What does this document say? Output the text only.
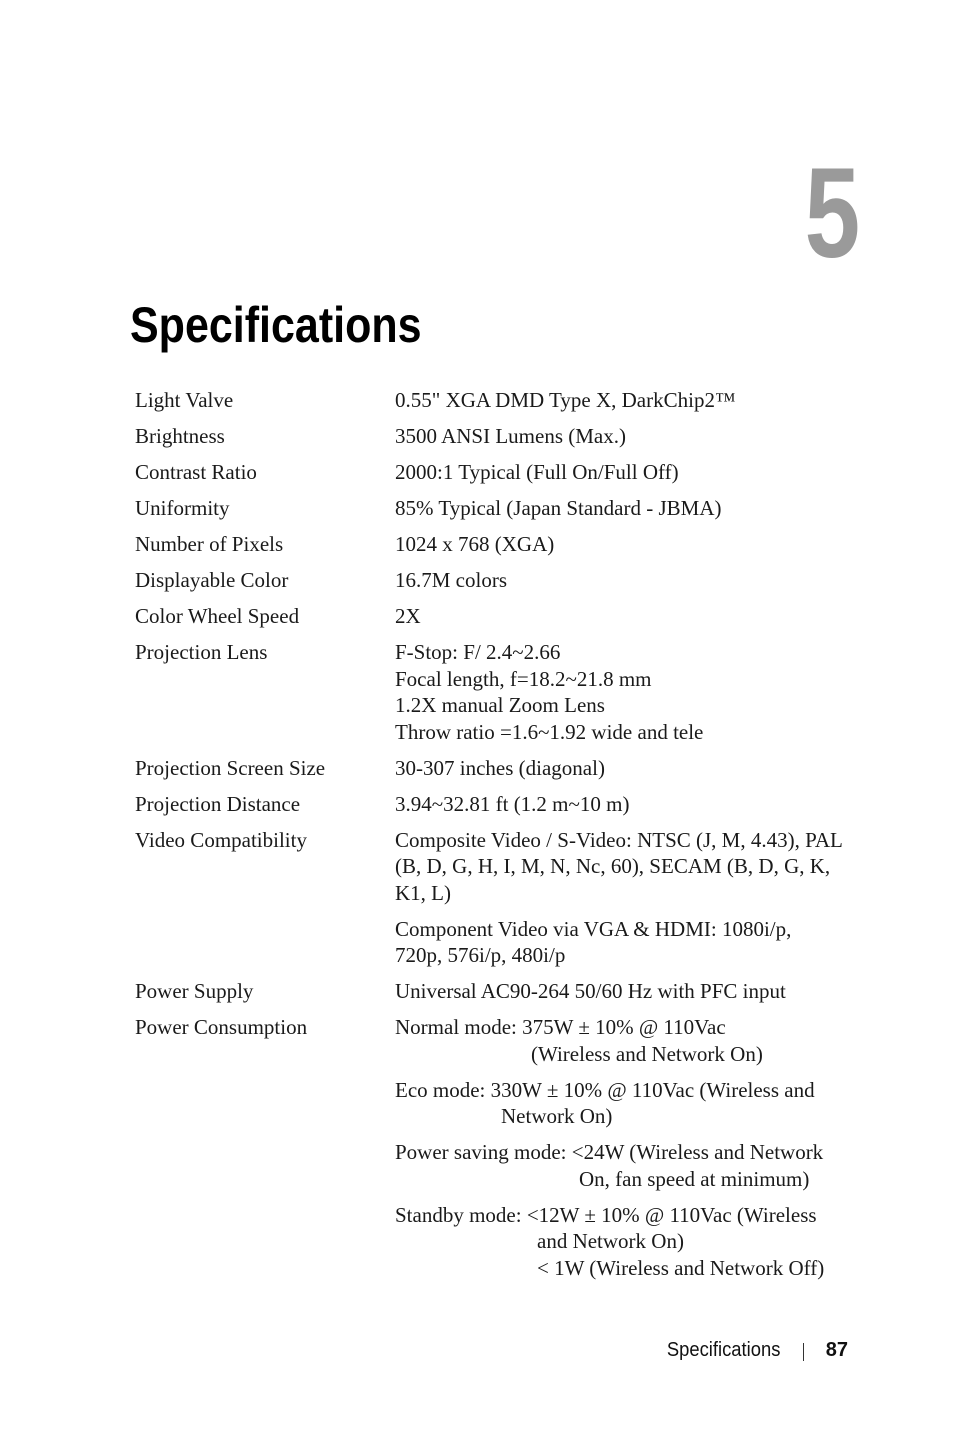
5
Specifications
Light Valve	0.55" XGA DMD Type X, DarkChip2™
Brightness	3500 ANSI Lumens (Max.)
Contrast Ratio	2000:1 Typical (Full On/Full Off)
Uniformity	85% Typical (Japan Standard - JBMA)
Number of Pixels	1024 x 768 (XGA)
Displayable Color	16.7M colors
Color Wheel Speed	2X
Projection Lens	F-Stop: F/ 2.4~2.66
Focal length, f=18.2~21.8 mm
1.2X manual Zoom Lens
Throw ratio =1.6~1.92 wide and tele
Projection Screen Size	30-307 inches (diagonal)
Projection Distance	3.94~32.81 ft (1.2 m~10 m)
Video Compatibility	Composite Video / S-Video: NTSC (J, M, 4.43), PAL
(B, D, G, H, I, M, N, Nc, 60), SECAM (B, D, G, K,
K1, L)
Component Video via VGA & HDMI: 1080i/p,
720p, 576i/p, 480i/p
Power Supply	Universal AC90-264 50/60 Hz with PFC input
Power Consumption	Normal mode: 375W ± 10% @ 110Vac
(Wireless and Network On)
Eco mode: 330W ± 10% @ 110Vac (Wireless and
Network On)
Power saving mode: <24W (Wireless and Network
On, fan speed at minimum)
Standby mode: <12W ± 10% @ 110Vac (Wireless
and Network On)
< 1W (Wireless and Network Off)
Specifications 87
